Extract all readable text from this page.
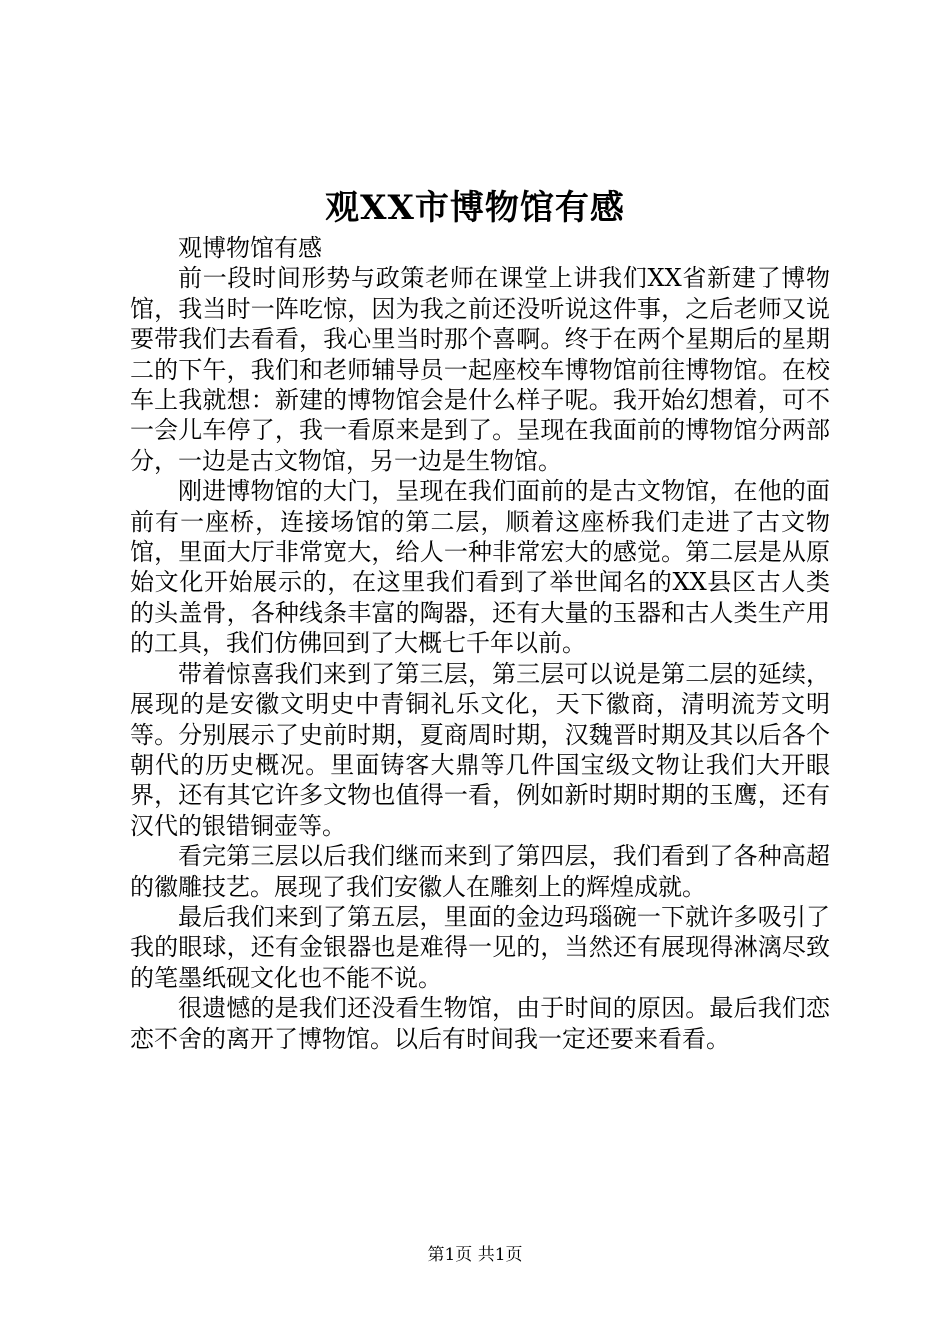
观XX市博物馆有感

观博物馆有感

前一段时间形势与政策老师在课堂上讲我们XX省新建了博物馆，我当时一阵吃惊，因为我之前还没听说这件事，之后老师又说要带我们去看看，我心里当时那个喜啊。终于在两个星期后的星期二的下午，我们和老师辅导员一起座校车博物馆前往博物馆。在校车上我就想：新建的博物馆会是什么样子呢。我开始幻想着，可不一会儿车停了，我一看原来是到了。呈现在我面前的博物馆分两部分，一边是古文物馆，另一边是生物馆。

刚进博物馆的大门，呈现在我们面前的是古文物馆，在他的面前有一座桥，连接场馆的第二层，顺着这座桥我们走进了古文物馆，里面大厅非常宽大，给人一种非常宏大的感觉。第二层是从原始文化开始展示的，在这里我们看到了举世闻名的XX县区古人类的头盖骨，各种线条丰富的陶器，还有大量的玉器和古人类生产用的工具，我们仿佛回到了大概七千年以前。

带着惊喜我们来到了第三层，第三层可以说是第二层的延续，展现的是安徽文明史中青铜礼乐文化，天下徽商，清明流芳文明等。分别展示了史前时期，夏商周时期，汉魏晋时期及其以后各个朝代的历史概况。里面铸客大鼎等几件国宝级文物让我们大开眼界，还有其它许多文物也值得一看，例如新时期时期的玉鹰，还有汉代的银错铜壶等。

看完第三层以后我们继而来到了第四层，我们看到了各种高超的徽雕技艺。展现了我们安徽人在雕刻上的辉煌成就。

最后我们来到了第五层，里面的金边玛瑙碗一下就许多吸引了我的眼球，还有金银器也是难得一见的，当然还有展现得淋漓尽致的笔墨纸砚文化也不能不说。

很遗憾的是我们还没看生物馆，由于时间的原因。最后我们恋恋不舍的离开了博物馆。以后有时间我一定还要来看看。

第1页 共1页
